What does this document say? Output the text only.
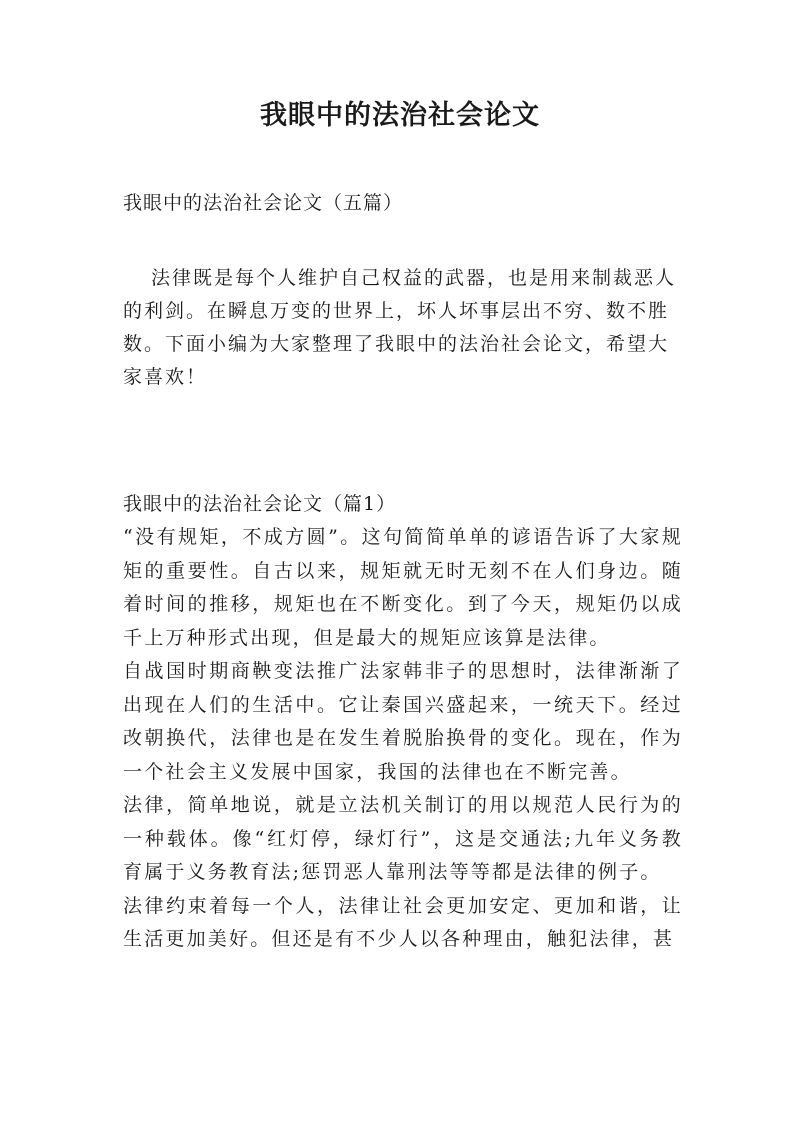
我眼中的法治社会论文

我眼中的法治社会论文（五篇）

法律既是每个人维护自己权益的武器，也是用来制裁恶人的利剑。在瞬息万变的世界上，坏人坏事层出不穷、数不胜数。下面小编为大家整理了我眼中的法治社会论文，希望大家喜欢！

我眼中的法治社会论文（篇1）

“没有规矩，不成方圆”。这句简简单单的谚语告诉了大家规矩的重要性。自古以来，规矩就无时无刻不在人们身边。随着时间的推移，规矩也在不断变化。到了今天，规矩仍以成千上万种形式出现，但是最大的规矩应该算是法律。

自战国时期商鞅变法推广法家韩非子的思想时，法律渐渐了出现在人们的生活中。它让秦国兴盛起来，一统天下。经过改朝换代，法律也是在发生着脱胎换骨的变化。现在，作为一个社会主义发展中国家，我国的法律也在不断完善。

法律，简单地说，就是立法机关制订的用以规范人民行为的一种载体。像“红灯停，绿灯行”，这是交通法;九年义务教育属于义务教育法;惩罚恶人靠刑法等等都是法律的例子。

法律约束着每一个人，法律让社会更加安定、更加和谐，让生活更加美好。但还是有不少人以各种理由，触犯法律，甚
